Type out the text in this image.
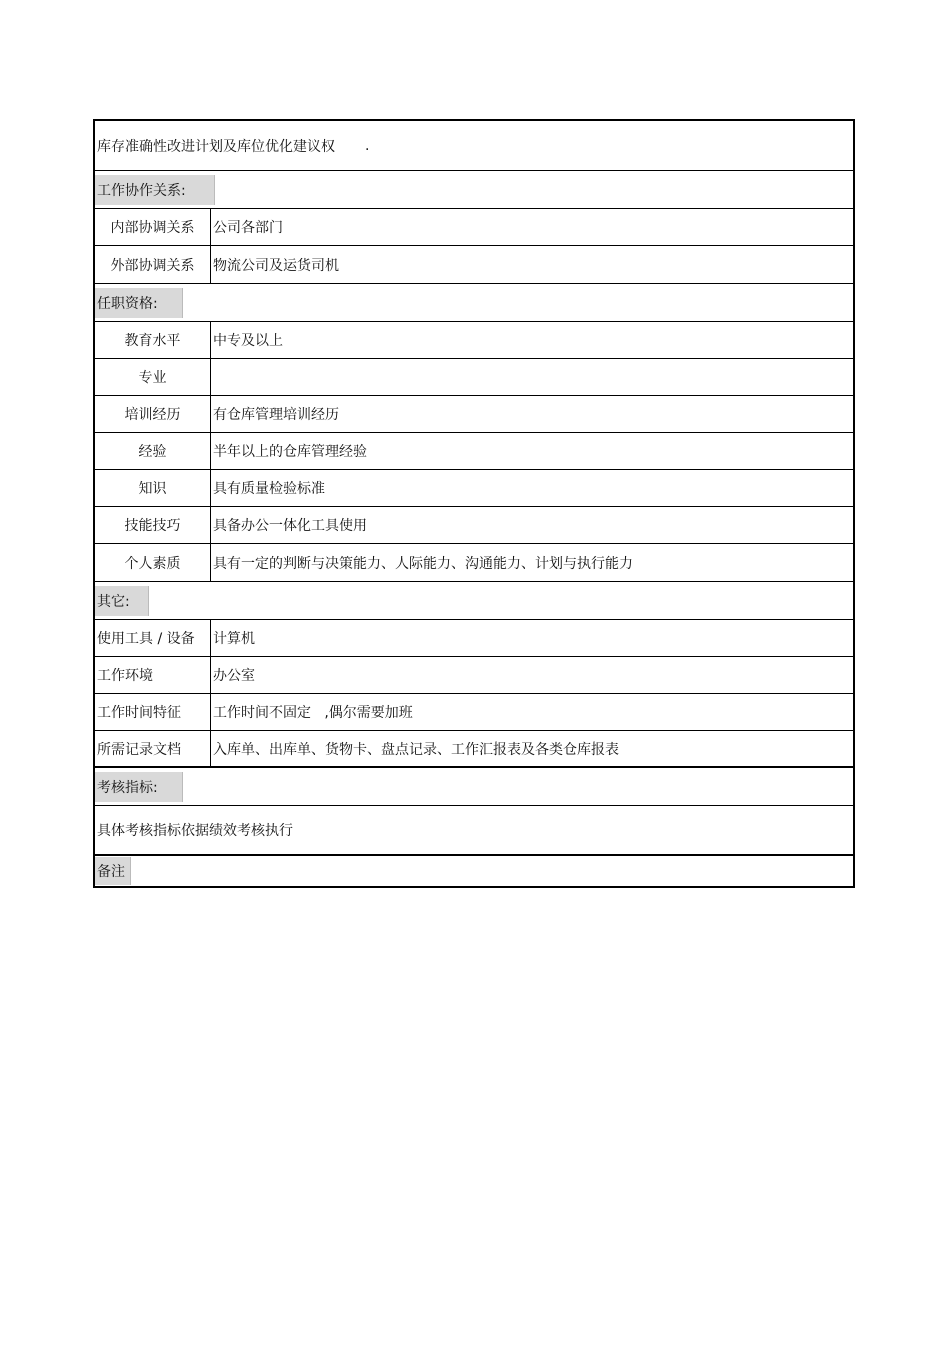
库存准确性改进计划及库位优化建议权 .
工作协作关系:
内部协调关系	公司各部门
外部协调关系	物流公司及运货司机
任职资格:
教育水平	中专及以上
专业
培训经历	有仓库管理培训经历
经验	半年以上的仓库管理经验
知识	具有质量检验标准
技能技巧	具备办公一体化工具使用
个人素质	具有一定的判断与决策能力、人际能力、沟通能力、计划与执行能力
其它:
使用工具 / 设备	计算机
工作环境	办公室
工作时间特征	工作时间不固定   ,偶尔需要加班
所需记录文档	入库单、出库单、货物卡、盘点记录、工作汇报表及各类仓库报表
考核指标:
具体考核指标依据绩效考核执行
备注
